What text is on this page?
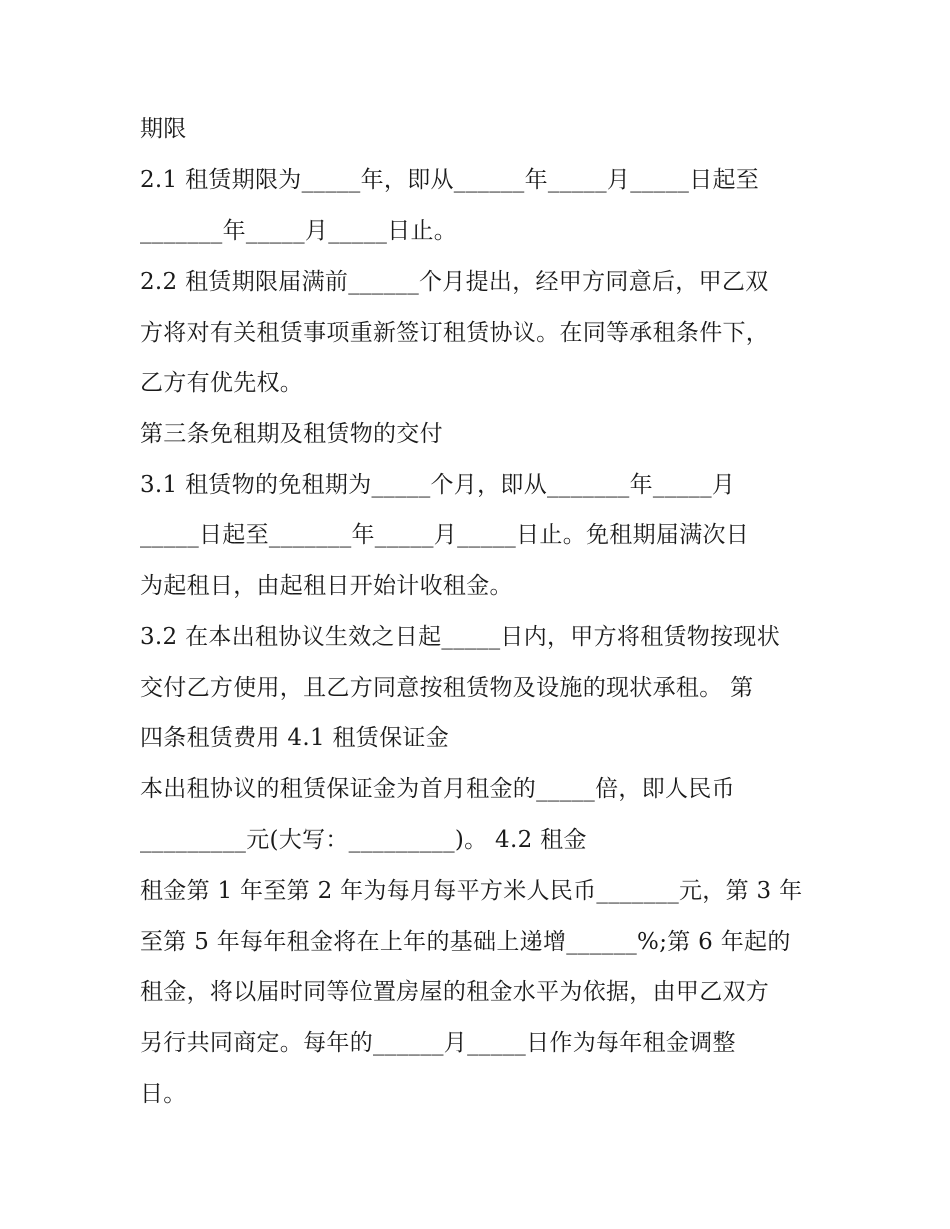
期限

2.1 租赁期限为_____年，即从______年_____月_____日起至

_______年_____月_____日止。

2.2 租赁期限届满前______个月提出，经甲方同意后，甲乙双

方将对有关租赁事项重新签订租赁协议。在同等承租条件下，

乙方有优先权。

第三条免租期及租赁物的交付

3.1 租赁物的免租期为_____个月，即从_______年_____月

_____日起至_______年_____月_____日止。免租期届满次日

为起租日，由起租日开始计收租金。

3.2 在本出租协议生效之日起_____日内，甲方将租赁物按现状

交付乙方使用，且乙方同意按租赁物及设施的现状承租。 第

四条租赁费用 4.1 租赁保证金

本出租协议的租赁保证金为首月租金的_____倍，即人民币

_________元(大写：_________)。 4.2 租金

租金第 1 年至第 2 年为每月每平方米人民币_______元，第 3 年

至第 5 年每年租金将在上年的基础上递增______%;第 6 年起的

租金，将以届时同等位置房屋的租金水平为依据，由甲乙双方

另行共同商定。每年的______月_____日作为每年租金调整

日。
